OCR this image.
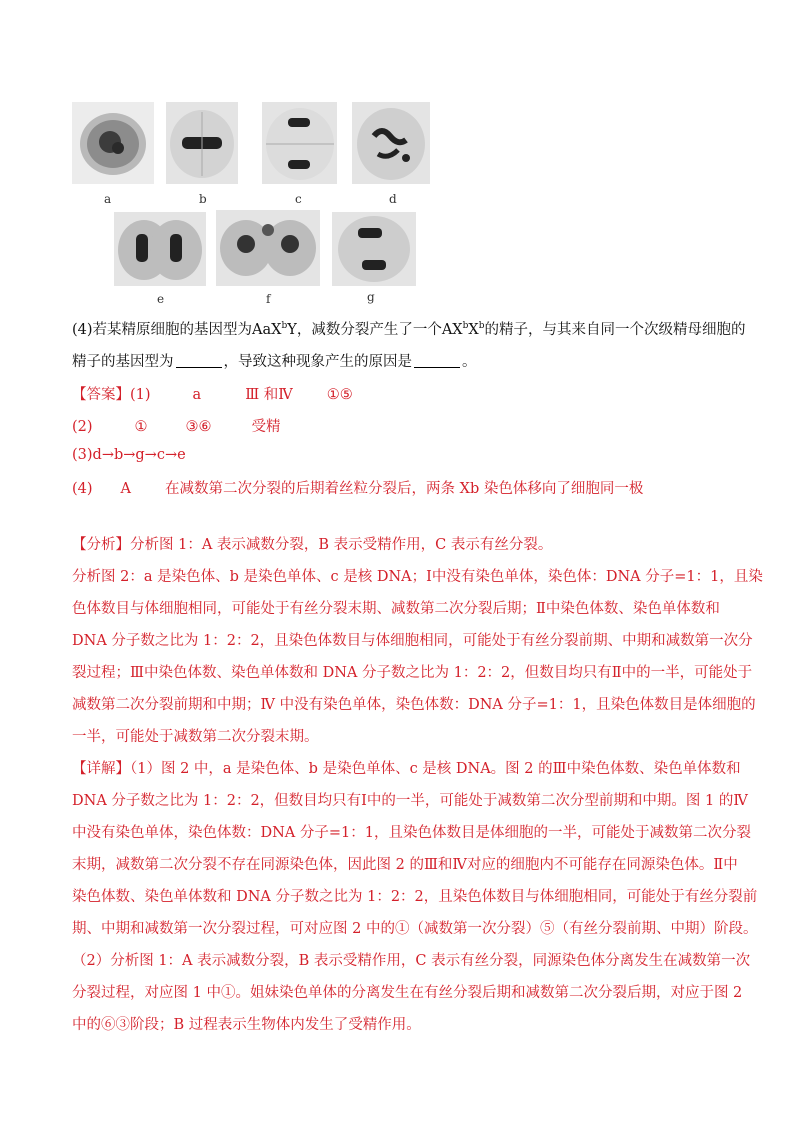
a	b	c	d
e	f	g
(4)若某精原细胞的基因型为AaX$^b$Y，减数分裂产生了一个$AX^bX^b$的精子，与其来自同一个次级精母细胞的
精子的基因型为	，导致这种现象产生的原因是	。
【答案】(1)	a	Ⅲ 和Ⅳ ①⑤
(2)	①	③⑥	受精
(3)d→b→g→c→e
(4) A 在减数第二次分裂的后期着丝粒分裂后，两条 Xb 染色体移向了细胞同一极
【分析】分析图 1：A 表示减数分裂，B 表示受精作用，C 表示有丝分裂。
分析图 2：a 是染色体、b 是染色单体、c 是核 DNA；Ⅰ中没有染色单体，染色体：DNA 分子=1：1，且染
色体数目与体细胞相同，可能处于有丝分裂末期、减数第二次分裂后期；Ⅱ中染色体数、染色单体数和
DNA 分子数之比为 1：2：2，且染色体数目与体细胞相同，可能处于有丝分裂前期、中期和减数第一次分
裂过程；Ⅲ中染色体数、染色单体数和 DNA 分子数之比为 1：2：2，但数目均只有Ⅱ中的一半，可能处于
减数第二次分裂前期和中期；Ⅳ 中没有染色单体，染色体数：DNA 分子=1：1，且染色体数目是体细胞的
一半，可能处于减数第二次分裂末期。
【详解】（1）图 2 中，a 是染色体、b 是染色单体、c 是核 DNA。图 2 的Ⅲ中染色体数、染色单体数和
DNA 分子数之比为 1：2：2，但数目均只有Ⅰ中的一半，可能处于减数第二次分型前期和中期。图 1 的Ⅳ
中没有染色单体，染色体数：DNA 分子=1：1，且染色体数目是体细胞的一半，可能处于减数第二次分裂
末期，减数第二次分裂不存在同源染色体，因此图 2 的Ⅲ和Ⅳ对应的细胞内不可能存在同源染色体。Ⅱ中
染色体数、染色单体数和 DNA 分子数之比为 1：2：2，且染色体数目与体细胞相同，可能处于有丝分裂前
期、中期和减数第一次分裂过程，可对应图 2 中的①（减数第一次分裂）⑤（有丝分裂前期、中期）阶段。
（2）分析图 1：A 表示减数分裂，B 表示受精作用，C 表示有丝分裂，同源染色体分离发生在减数第一次
分裂过程，对应图 1 中①。姐妹染色单体的分离发生在有丝分裂后期和减数第二次分裂后期，对应于图 2
中的⑥③阶段；B 过程表示生物体内发生了受精作用。
